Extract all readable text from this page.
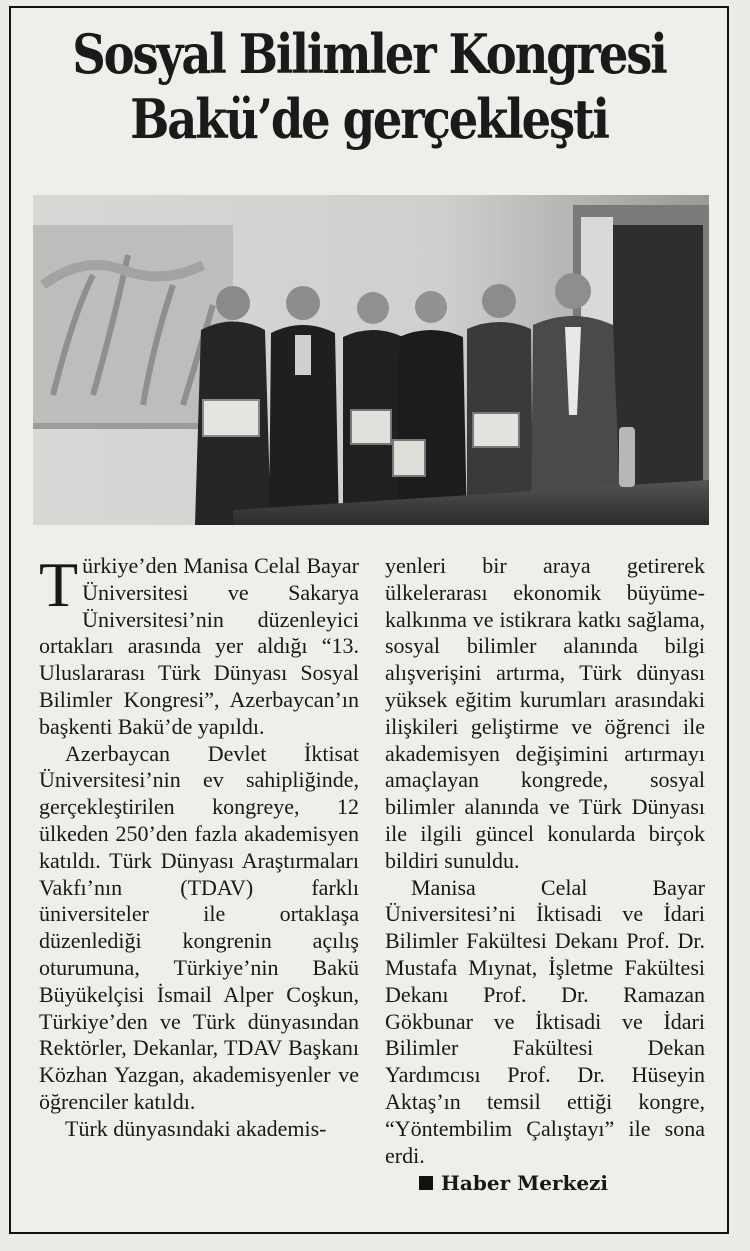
Sosyal Bilimler Kongresi
Bakü’de gerçekleşti

Türkiye’den Manisa Celal Bayar Üniversitesi ve Sakarya Üniversitesi’nin düzenleyici ortakları arasında yer aldığı “13. Uluslararası Türk Dünyası Sosyal Bilimler Kongresi”, Azerbaycan’ın başkenti Bakü’de yapıldı.

Azerbaycan Devlet İktisat Üniversitesi’nin ev sahipliğinde, gerçekleştirilen kongreye, 12 ülkeden 250’den fazla akademisyen katıldı. Türk Dünyası Araştırmaları Vakfı’nın (TDAV) farklı üniversiteler ile ortaklaşa düzenlediği kongrenin açılış oturumuna, Türkiye’nin Bakü Büyükelçisi İsmail Alper Coşkun, Türkiye’den ve Türk dünyasından Rektörler, Dekanlar, TDAV Başkanı Közhan Yazgan, akademisyenler ve öğrenciler katıldı.

Türk dünyasındaki akademis-

yenleri bir araya getirerek ülkelerarası ekonomik büyüme-kalkınma ve istikrara katkı sağlama, sosyal bilimler alanında bilgi alışverişini artırma, Türk dünyası yüksek eğitim kurumları arasındaki ilişkileri geliştirme ve öğrenci ile akademisyen değişimini artırmayı amaçlayan kongrede, sosyal bilimler alanında ve Türk Dünyası ile ilgili güncel konularda birçok bildiri sunuldu.

Manisa Celal Bayar Üniversitesi’ni İktisadi ve İdari Bilimler Fakültesi Dekanı Prof. Dr. Mustafa Mıynat, İşletme Fakültesi Dekanı Prof. Dr. Ramazan Gökbunar ve İktisadi ve İdari Bilimler Fakültesi Dekan Yardımcısı Prof. Dr. Hüseyin Aktaş’ın temsil ettiği kongre, “Yöntembilim Çalıştayı” ile sona erdi.

Haber Merkezi
